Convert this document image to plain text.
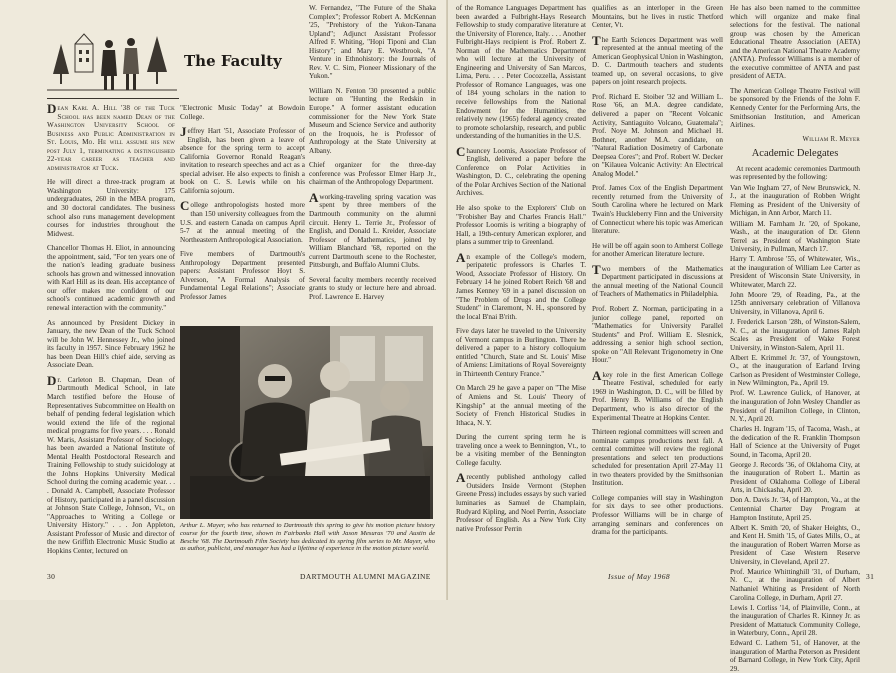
The Faculty

Dean Karl A. Hill '38 of the Tuck School has been named Dean of the Washington University School of Business and Public Administration in St. Louis, Mo. He will assume his new post July 1, terminating a distinguished 22-year career as teacher and administrator at Tuck.

He will direct a three-track program at Washington University: 175 undergraduates, 260 in the MBA program, and 30 doctoral candidates. The business school also runs management development courses for industries throughout the Midwest.

Chancellor Thomas H. Eliot, in announcing the appointment, said, "For ten years one of the nation's leading graduate business schools has grown and witnessed innovation with Karl Hill as its dean. His acceptance of our offer makes me confident of our school's continued academic growth and renewal interaction with the community."

As announced by President Dickey in January, the new Dean of the Tuck School will be John W. Hennessey Jr., who joined its faculty in 1957. Since February 1962 he has been Dean Hill's chief aide, serving as Associate Dean.

Dr. Carleton B. Chapman, Dean of Dartmouth Medical School, in late March testified before the House of Representatives Subcommittee on Health on behalf of pending federal legislation which would extend the life of the regional medical programs for five years. . . . Ronald W. Maris, Assistant Professor of Sociology, has been awarded a National Institute of Mental Health Postdoctoral Research and Training Fellowship to study suicidology at the Johns Hopkins University Medical School during the coming academic year. . . . Donald A. Campbell, Associate Professor of History, participated in a panel discussion at Johnson State College, Johnson, Vt., on "Approaches to Writing a College or University History." . . . Jon Appleton, Assistant Professor of Music and director of the new Griffith Electronic Music Studio at Hopkins Center, lectured on

"Electronic Music Today" at Bowdoin College.

Jeffrey Hart '51, Associate Professor of English, has been given a leave of absence for the spring term to accept California Governor Ronald Reagan's invitation to research speeches and act as a special adviser. He also expects to finish a book on C. S. Lewis while on his California sojourn.

College anthropologists hosted more than 150 university colleagues from the U.S. and eastern Canada on campus April 5-7 at the annual meeting of the Northeastern Anthropological Association.

Five members of Dartmouth's Anthropology Department presented papers: Assistant Professor Hoyt S. Alverson, "A Formal Analysis of Fundamental Legal Relations"; Associate Professor James

W. Fernandez, "The Future of the Shaka Complex"; Professor Robert A. McKennan '25, "Prehistory of the Yukon-Tanana Upland"; Adjunct Assistant Professor Alfred F. Whiting, "Hopi Tiponi and Clan History"; and Mary E. Westbrook, "A Venture in Ethnohistory: the Journals of Rev. V. C. Sim, Pioneer Missionary of the Yukon."

William N. Fenton '30 presented a public lecture on "Hunting the Redskin in Europe." A former assistant education commissioner for the New York State Museum and Science Service and authority on the Iroquois, he is Professor of Anthropology at the State University at Albany.

Chief organizer for the three-day conference was Professor Elmer Harp Jr., chairman of the Anthropology Department.

A working-traveling spring vacation was spent by three members of the Dartmouth community on the alumni circuit. Henry L. Terrie Jr., Professor of English, and Donald L. Kreider, Associate Professor of Mathematics, joined by William Blanchard '68, reported on the current Dartmouth scene to the Rochester, Pittsburgh, and Buffalo Alumni Clubs.

Several faculty members recently received grants to study or lecture here and abroad. Prof. Lawrence E. Harvey

Arthur L. Mayer, who has returned to Dartmouth this spring to give his motion picture history course for the fourth time, shown in Fairbanks Hall with Jason Mesuras '70 and Austin de Besche '68. The Dartmouth Film Society has dedicated its spring film series to Mr. Mayer, who as author, publicist, and manager has had a lifetime of experience in the motion picture world.
30	DARTMOUTH ALUMNI MAGAZINE

of the Romance Languages Department has been awarded a Fulbright-Hays Research Fellowship to study comparative literature at the University of Florence, Italy. . . . Another Fulbright-Hays recipient is Prof. Robert Z. Norman of the Mathematics Department who will lecture at the University of Engineering and University of San Marcos, Lima, Peru. . . . Peter Cocozzella, Assistant Professor of Romance Languages, was one of 184 young scholars in the nation to receive fellowships from the National Endowment for the Humanities, the relatively new (1965) federal agency created to promote scholarship, research, and public understanding of the humanities in the U.S.

Chauncey Loomis, Associate Professor of English, delivered a paper before the Conference on Polar Activities in Washington, D. C., celebrating the opening of the Polar Archives Section of the National Archives.

He also spoke to the Explorers' Club on "Frobisher Bay and Charles Francis Hall." Professor Loomis is writing a biography of Hall, a 19th-century American explorer, and plans a summer trip to Greenland.

An example of the College's modern, peripatetic professors is Charles T. Wood, Associate Professor of History. On February 14 he joined Robert Reich '68 and James Kenney '69 in a panel discussion on "The Problem of Drugs and the College Student" in Claremont, N. H., sponsored by the local B'nai B'rith.

Five days later he traveled to the University of Vermont campus in Burlington. There he delivered a paper to a history colloquium entitled "Church, State and St. Louis' Mise of Amiens: Limitations of Royal Sovereignty in Thirteenth Century France."

On March 29 he gave a paper on "The Mise of Amiens and St. Louis' Theory of Kingship" at the annual meeting of the Society of French Historical Studies in Ithaca, N. Y.

During the current spring term he is traveling once a week to Bennington, Vt., to be a visiting member of the Bennington College faculty.

A recently published anthology called Outsiders Inside Vermont (Stephen Greene Press) includes essays by such varied luminaries as Samuel de Champlain, Rudyard Kipling, and Noel Perrin, Associate Professor of English. As a New York City native Professor Perrin

qualifies as an interloper in the Green Mountains, but he lives in rustic Thetford Center, Vt.

The Earth Sciences Department was well represented at the annual meeting of the American Geophysical Union in Washington, D. C. Dartmouth teachers and students teamed up, on several occasions, to give papers on joint research projects.

Prof. Richard E. Stoiber '32 and William L. Rose '66, an M.A. degree candidate, delivered a paper on "Recent Volcanic Activity, Santiaguito Volcano, Guatemala"; Prof. Noye M. Johnson and Michael H. Bothner, another M.A. candidate, on "Natural Radiation Dosimetry of Carbonate Deepsea Cores"; and Prof. Robert W. Decker on "Kilauea Volcanic Activity: An Electrical Analog Model."

Prof. James Cox of the English Department recently returned from the University of South Carolina where he lectured on Mark Twain's Huckleberry Finn and the University of Connecticut where his topic was American literature.

He will be off again soon to Amherst College for another American literature lecture.

Two members of the Mathematics Department participated in discussions at the annual meeting of the National Council of Teachers of Mathematics in Philadelphia.

Prof. Robert Z. Norman, participating in a junior college panel, reported on "Mathematics for University Parallel Students" and Prof. William E. Slesnick, addressing a senior high school section, spoke on "All Relevant Trigonometry in One Hour."

A key role in the first American College Theatre Festival, scheduled for early 1969 in Washington, D. C., will be filled by Prof. Henry B. Williams of the English Department, who is also director of the Experimental Theatre at Hopkins Center.

Thirteen regional committees will screen and nominate campus productions next fall. A central committee will review the regional presentations and select ten productions scheduled for presentation April 27-May 11 in two theaters provided by the Smithsonian Institution.

College companies will stay in Washington for six days to see other productions. Professor Williams will be in charge of arranging seminars and conferences on drama for the participants.

He has also been named to the committee which will organize and make final selections for the festival. The national group was chosen by the American Educational Theatre Association (AETA) and the American National Theatre Academy (ANTA). Professor Williams is a member of the executive committee of ANTA and past president of AETA.

The American College Theatre Festival will be sponsored by the Friends of the John F. Kennedy Center for the Performing Arts, the Smithsonian Institution, and American Airlines.

William R. Meyer
Academic Delegates

At recent academic ceremonies Dartmouth was represented by the following:

Van Wie Ingham '27, of New Brunswick, N. J., at the inauguration of Robben Wright Fleming as President of the University of Michigan, in Ann Arbor, March 11.

William M. Farnham Jr. '20, of Spokane, Wash., at the inauguration of Dr. Glenn Terrel as President of Washington State University, in Pullman, March 17.

Harry T. Ambrose '55, of Whitewater, Wis., at the inauguration of William Lee Carter as President of Wisconsin State University, in Whitewater, March 22.

John Moore '29, of Reading, Pa., at the 125th anniversary celebration of Villanova University, in Villanova, April 6.

J. Frederick Larson '28h, of Winston-Salem, N. C., at the inauguration of James Ralph Scales as President of Wake Forest University, in Winston-Salem, April 11.

Albert E. Krimmel Jr. '37, of Youngstown, O., at the inauguration of Earland Irving Carlson as President of Westminster College, in New Wilmington, Pa., April 19.

Prof. W. Lawrence Gulick, of Hanover, at the inauguration of John Wesley Chandler as President of Hamilton College, in Clinton, N. Y., April 20.

Charles H. Ingram '15, of Tacoma, Wash., at the dedication of the R. Franklin Thompson Hall of Science at the University of Puget Sound, in Tacoma, April 20.

George J. Records '36, of Oklahoma City, at the inauguration of Robert L. Martin as President of Oklahoma College of Liberal Arts, in Chickasha, April 20.

Don A. Davis Jr. '34, of Hampton, Va., at the Centennial Charter Day Program at Hampton Institute, April 25.

Albert K. Smith '20, of Shaker Heights, O., and Kent H. Smith '15, of Gates Mills, O., at the inauguration of Robert Warren Morse as President of Case Western Reserve University, in Cleveland, April 27.

Prof. Maurice Whittinghill '31, of Durham, N. C., at the inauguration of Albert Nathaniel Whiting as President of North Carolina College, in Durham, April 27.

Lewis I. Corliss '14, of Plainville, Conn., at the inauguration of Charles R. Kinney Jr. as President of Mattatuck Community College, in Waterbury, Conn., April 28.

Edward C. Lathem '51, of Hanover, at the inauguration of Martha Peterson as President of Barnard College, in New York City, April 29.

Issue of May 1968	31
